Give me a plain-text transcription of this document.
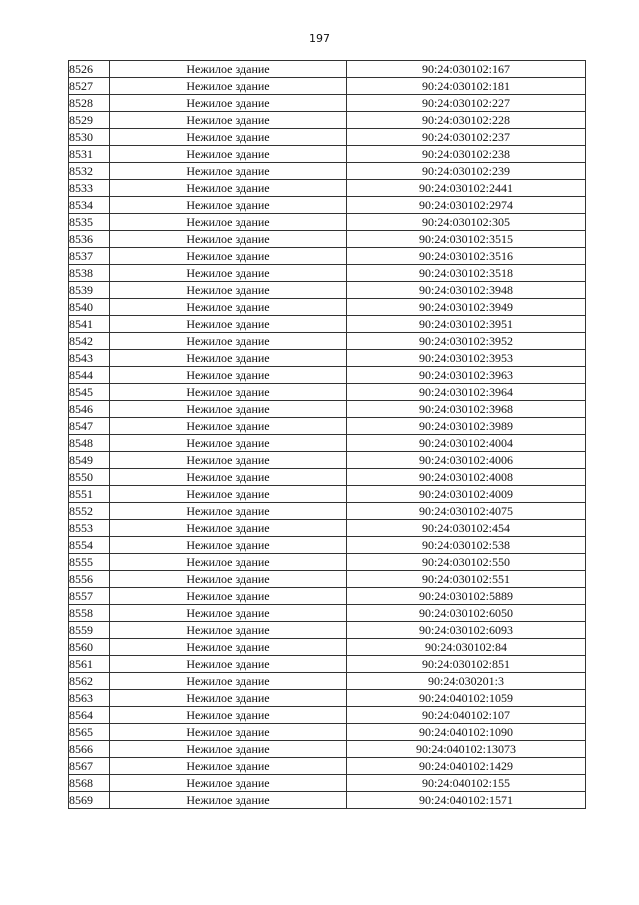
197
8526	Нежилое здание	90:24:030102:167
8527	Нежилое здание	90:24:030102:181
8528	Нежилое здание	90:24:030102:227
8529	Нежилое здание	90:24:030102:228
8530	Нежилое здание	90:24:030102:237
8531	Нежилое здание	90:24:030102:238
8532	Нежилое здание	90:24:030102:239
8533	Нежилое здание	90:24:030102:2441
8534	Нежилое здание	90:24:030102:2974
8535	Нежилое здание	90:24:030102:305
8536	Нежилое здание	90:24:030102:3515
8537	Нежилое здание	90:24:030102:3516
8538	Нежилое здание	90:24:030102:3518
8539	Нежилое здание	90:24:030102:3948
8540	Нежилое здание	90:24:030102:3949
8541	Нежилое здание	90:24:030102:3951
8542	Нежилое здание	90:24:030102:3952
8543	Нежилое здание	90:24:030102:3953
8544	Нежилое здание	90:24:030102:3963
8545	Нежилое здание	90:24:030102:3964
8546	Нежилое здание	90:24:030102:3968
8547	Нежилое здание	90:24:030102:3989
8548	Нежилое здание	90:24:030102:4004
8549	Нежилое здание	90:24:030102:4006
8550	Нежилое здание	90:24:030102:4008
8551	Нежилое здание	90:24:030102:4009
8552	Нежилое здание	90:24:030102:4075
8553	Нежилое здание	90:24:030102:454
8554	Нежилое здание	90:24:030102:538
8555	Нежилое здание	90:24:030102:550
8556	Нежилое здание	90:24:030102:551
8557	Нежилое здание	90:24:030102:5889
8558	Нежилое здание	90:24:030102:6050
8559	Нежилое здание	90:24:030102:6093
8560	Нежилое здание	90:24:030102:84
8561	Нежилое здание	90:24:030102:851
8562	Нежилое здание	90:24:030201:3
8563	Нежилое здание	90:24:040102:1059
8564	Нежилое здание	90:24:040102:107
8565	Нежилое здание	90:24:040102:1090
8566	Нежилое здание	90:24:040102:13073
8567	Нежилое здание	90:24:040102:1429
8568	Нежилое здание	90:24:040102:155
8569	Нежилое здание	90:24:040102:1571
